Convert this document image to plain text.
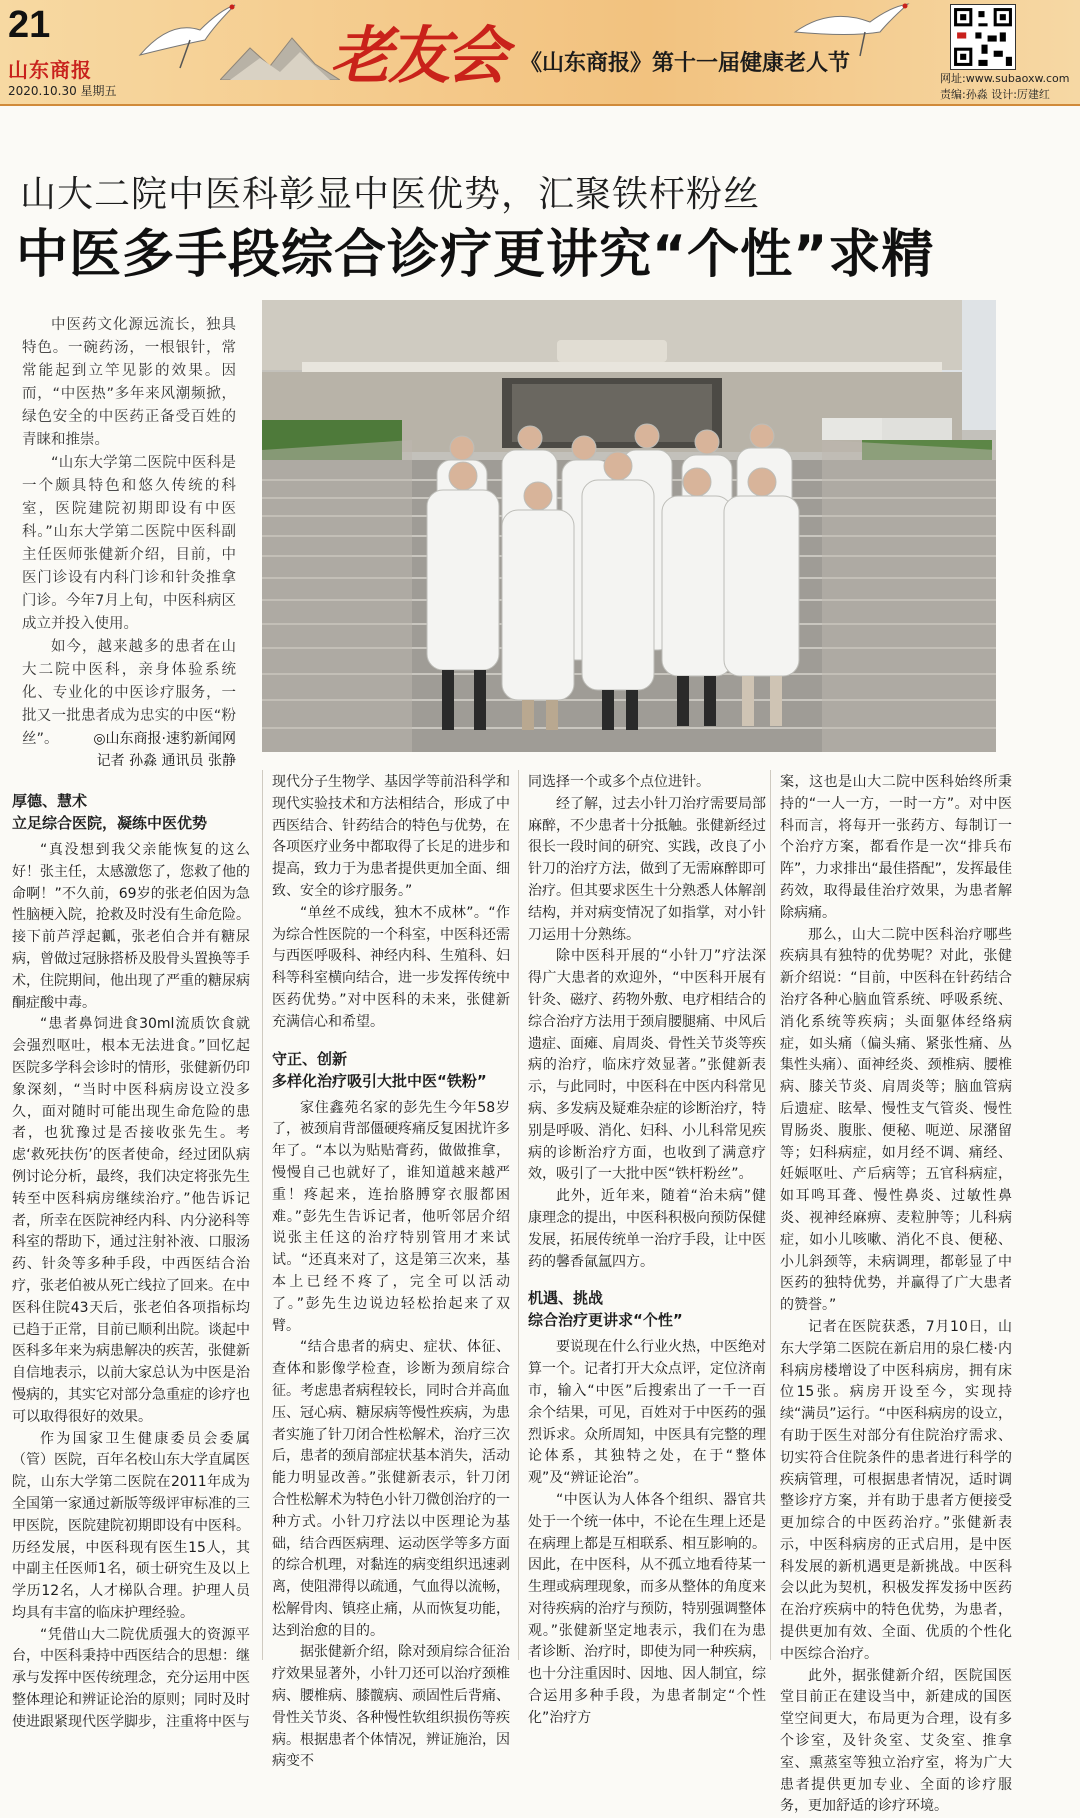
21
山东商报
2020.10.30 星期五	老友会 《山东商报》第十一届健康老人节
网址:www.subaoxw.com
责编:孙淼 设计:厉建红
山大二院中医科彰显中医优势，汇聚铁杆粉丝
中医多手段综合诊疗更讲究“个性”求精

中医药文化源远流长，独具特色。一碗药汤，一根银针，常常能起到立竿见影的效果。因而，“中医热”多年来风潮频掀，绿色安全的中医药正备受百姓的青睐和推崇。

“山东大学第二医院中医科是一个颇具特色和悠久传统的科室，医院建院初期即设有中医科。”山东大学第二医院中医科副主任医师张健新介绍，目前，中医门诊设有内科门诊和针灸推拿门诊。今年7月上旬，中医科病区成立并投入使用。

如今，越来越多的患者在山大二院中医科，亲身体验系统化、专业化的中医诊疗服务，一批又一批患者成为忠实的中医“粉丝”。	◎山东商报·速豹新闻网
记者 孙淼 通讯员 张静
厚德、慧术
立足综合医院，凝练中医优势

“真没想到我父亲能恢复的这么好！张主任，太感激您了，您救了他的命啊！”不久前，69岁的张老伯因为急性脑梗入院，抢救及时没有生命危险。接下前芦浮起瓤，张老伯合并有糖尿病，曾做过冠脉搭桥及股骨头置换等手术，住院期间，他出现了严重的糖尿病酮症酸中毒。

“患者鼻饲进食30ml流质饮食就会强烈呕吐，根本无法进食。”回忆起医院多学科会诊时的情形，张健新仍印象深刻，“当时中医科病房设立没多久，面对随时可能出现生命危险的患者，也犹豫过是否接收张先生。考虑‘救死扶伤’的医者使命，经过团队病例讨论分析，最终，我们决定将张先生转至中医科病房继续治疗。”他告诉记者，所幸在医院神经内科、内分泌科等科室的帮助下，通过注射补液、口服汤药、针灸等多种手段，中西医结合治疗，张老伯被从死亡线拉了回来。在中医科住院43天后，张老伯各项指标均已趋于正常，目前已顺利出院。谈起中医科多年来为病患解决的疾苦，张健新自信地表示，以前大家总认为中医是治慢病的，其实它对部分急重症的诊疗也可以取得很好的效果。

作为国家卫生健康委员会委属（管）医院，百年名校山东大学直属医院，山东大学第二医院在2011年成为全国第一家通过新版等级评审标准的三甲医院，医院建院初期即设有中医科。历经发展，中医科现有医生15人，其中副主任医师1名，硕士研究生及以上学历12名，人才梯队合理。护理人员均具有丰富的临床护理经验。

“凭借山大二院优质强大的资源平台，中医科秉持中西医结合的思想：继承与发挥中医传统理念，充分运用中医整体理论和辨证论治的原则；同时及时使进跟紧现代医学脚步，注重将中医与

现代分子生物学、基因学等前沿科学和现代实验技术和方法相结合，形成了中西医结合、针药结合的特色与优势，在各项医疗业务中都取得了长足的进步和提高，致力于为患者提供更加全面、细致、安全的诊疗服务。”

“单丝不成线，独木不成林”。“作为综合性医院的一个科室，中医科还需与西医呼吸科、神经内科、生殖科、妇科等科室横向结合，进一步发挥传统中医药优势。”对中医科的未来，张健新充满信心和希望。

守正、创新
多样化治疗吸引大批中医“铁粉”

家住鑫苑名家的彭先生今年58岁了，被颈肩背部僵硬疼痛反复困扰许多年了。“本以为贴贴膏药，做做推拿，慢慢自己也就好了，谁知道越来越严重！疼起来，连抬胳膊穿衣服都困难。”彭先生告诉记者，他听邻居介绍说张主任这的治疗特别管用才来试试。“还真来对了，这是第三次来，基本上已经不疼了，完全可以活动了。”彭先生边说边轻松抬起来了双臂。

“结合患者的病史、症状、体征、查体和影像学检查，诊断为颈肩综合征。考虑患者病程较长，同时合并高血压、冠心病、糖尿病等慢性疾病，为患者实施了针刀闭合性松解术，治疗三次后，患者的颈肩部症状基本消失，活动能力明显改善。”张健新表示，针刀闭合性松解术为特色小针刀微创治疗的一种方式。小针刀疗法以中医理论为基础，结合西医病理、运动医学等多方面的综合机理，对黏连的病变组织迅速剥离，使阻滞得以疏通，气血得以流畅，松解骨肉、镇痉止痛，从而恢复功能，达到治愈的目的。

据张健新介绍，除对颈肩综合征治疗效果显著外，小针刀还可以治疗颈椎病、腰椎病、膝髋病、顽固性后背痛、骨性关节炎、各种慢性软组织损伤等疾病。根据患者个体情况，辨证施治，因病变不

同选择一个或多个点位进针。

经了解，过去小针刀治疗需要局部麻醉，不少患者十分抵触。张健新经过很长一段时间的研究、实践，改良了小针刀的治疗方法，做到了无需麻醉即可治疗。但其要求医生十分熟悉人体解剖结构，并对病变情况了如指掌，对小针刀运用十分熟练。

除中医科开展的“小针刀”疗法深得广大患者的欢迎外，“中医科开展有针灸、磁疗、药物外敷、电疗相结合的综合治疗方法用于颈肩腰腿痛、中风后遗症、面瘫、肩周炎、骨性关节炎等疾病的治疗，临床疗效显著。”张健新表示，与此同时，中医科在中医内科常见病、多发病及疑难杂症的诊断治疗，特别是呼吸、消化、妇科、小儿科常见疾病的诊断治疗方面，也收到了满意疗效，吸引了一大批中医“铁杆粉丝”。

此外，近年来，随着“治未病”健康理念的提出，中医科积极向预防保健发展，拓展传统单一治疗手段，让中医药的馨香氤氲四方。

机遇、挑战
综合治疗更讲求“个性”

要说现在什么行业火热，中医绝对算一个。记者打开大众点评，定位济南市，输入“中医”后搜索出了一千一百余个结果，可见，百姓对于中医药的强烈诉求。众所周知，中医具有完整的理论体系，其独特之处，在于“整体观”及“辨证论治”。

“中医认为人体各个组织、器官共处于一个统一体中，不论在生理上还是在病理上都是互相联系、相互影响的。因此，在中医科，从不孤立地看待某一生理或病理现象，而多从整体的角度来对待疾病的治疗与预防，特别强调整体观。”张健新坚定地表示，我们在为患者诊断、治疗时，即使为同一种疾病，也十分注重因时、因地、因人制宜，综合运用多种手段，为患者制定“个性化”治疗方

案，这也是山大二院中医科始终所秉持的“一人一方，一时一方”。对中医科而言，将每开一张药方、每制订一个治疗方案，都看作是一次“排兵布阵”，力求排出“最佳搭配”，发挥最佳药效，取得最佳治疗效果，为患者解除病痛。

那么，山大二院中医科治疗哪些疾病具有独特的优势呢？对此，张健新介绍说：“目前，中医科在针药结合治疗各种心脑血管系统、呼吸系统、消化系统等疾病；头面躯体经络病症，如头痛（偏头痛、紧张性痛、丛集性头痛）、面神经炎、颈椎病、腰椎病、膝关节炎、肩周炎等；脑血管病后遗症、眩晕、慢性支气管炎、慢性胃肠炎、腹胀、便秘、呃逆、尿潴留等；妇科病症，如月经不调、痛经、妊娠呕吐、产后病等；五官科病症，如耳鸣耳聋、慢性鼻炎、过敏性鼻炎、视神经麻痹、麦粒肿等；儿科病症，如小儿咳嗽、消化不良、便秘、小儿斜颈等，未病调理，都彰显了中医药的独特优势，并赢得了广大患者的赞誉。”

记者在医院获悉，7月10日，山东大学第二医院在新启用的泉仁楼·内科病房楼增设了中医科病房，拥有床位15张。病房开设至今，实现持续“满员”运行。“中医科病房的设立，有助于医生对部分有住院治疗需求、切实符合住院条件的患者进行科学的疾病管理，可根据患者情况，适时调整诊疗方案，并有助于患者方便接受更加综合的中医药治疗。”张健新表示，中医科病房的正式启用，是中医科发展的新机遇更是新挑战。中医科会以此为契机，积极发挥发扬中医药在治疗疾病中的特色优势，为患者，提供更加有效、全面、优质的个性化中医综合治疗。

此外，据张健新介绍，医院国医堂目前正在建设当中，新建成的国医堂空间更大，布局更为合理，设有多个诊室，及针灸室、艾灸室、推拿室、熏蒸室等独立治疗室，将为广大患者提供更加专业、全面的诊疗服务，更加舒适的诊疗环境。
